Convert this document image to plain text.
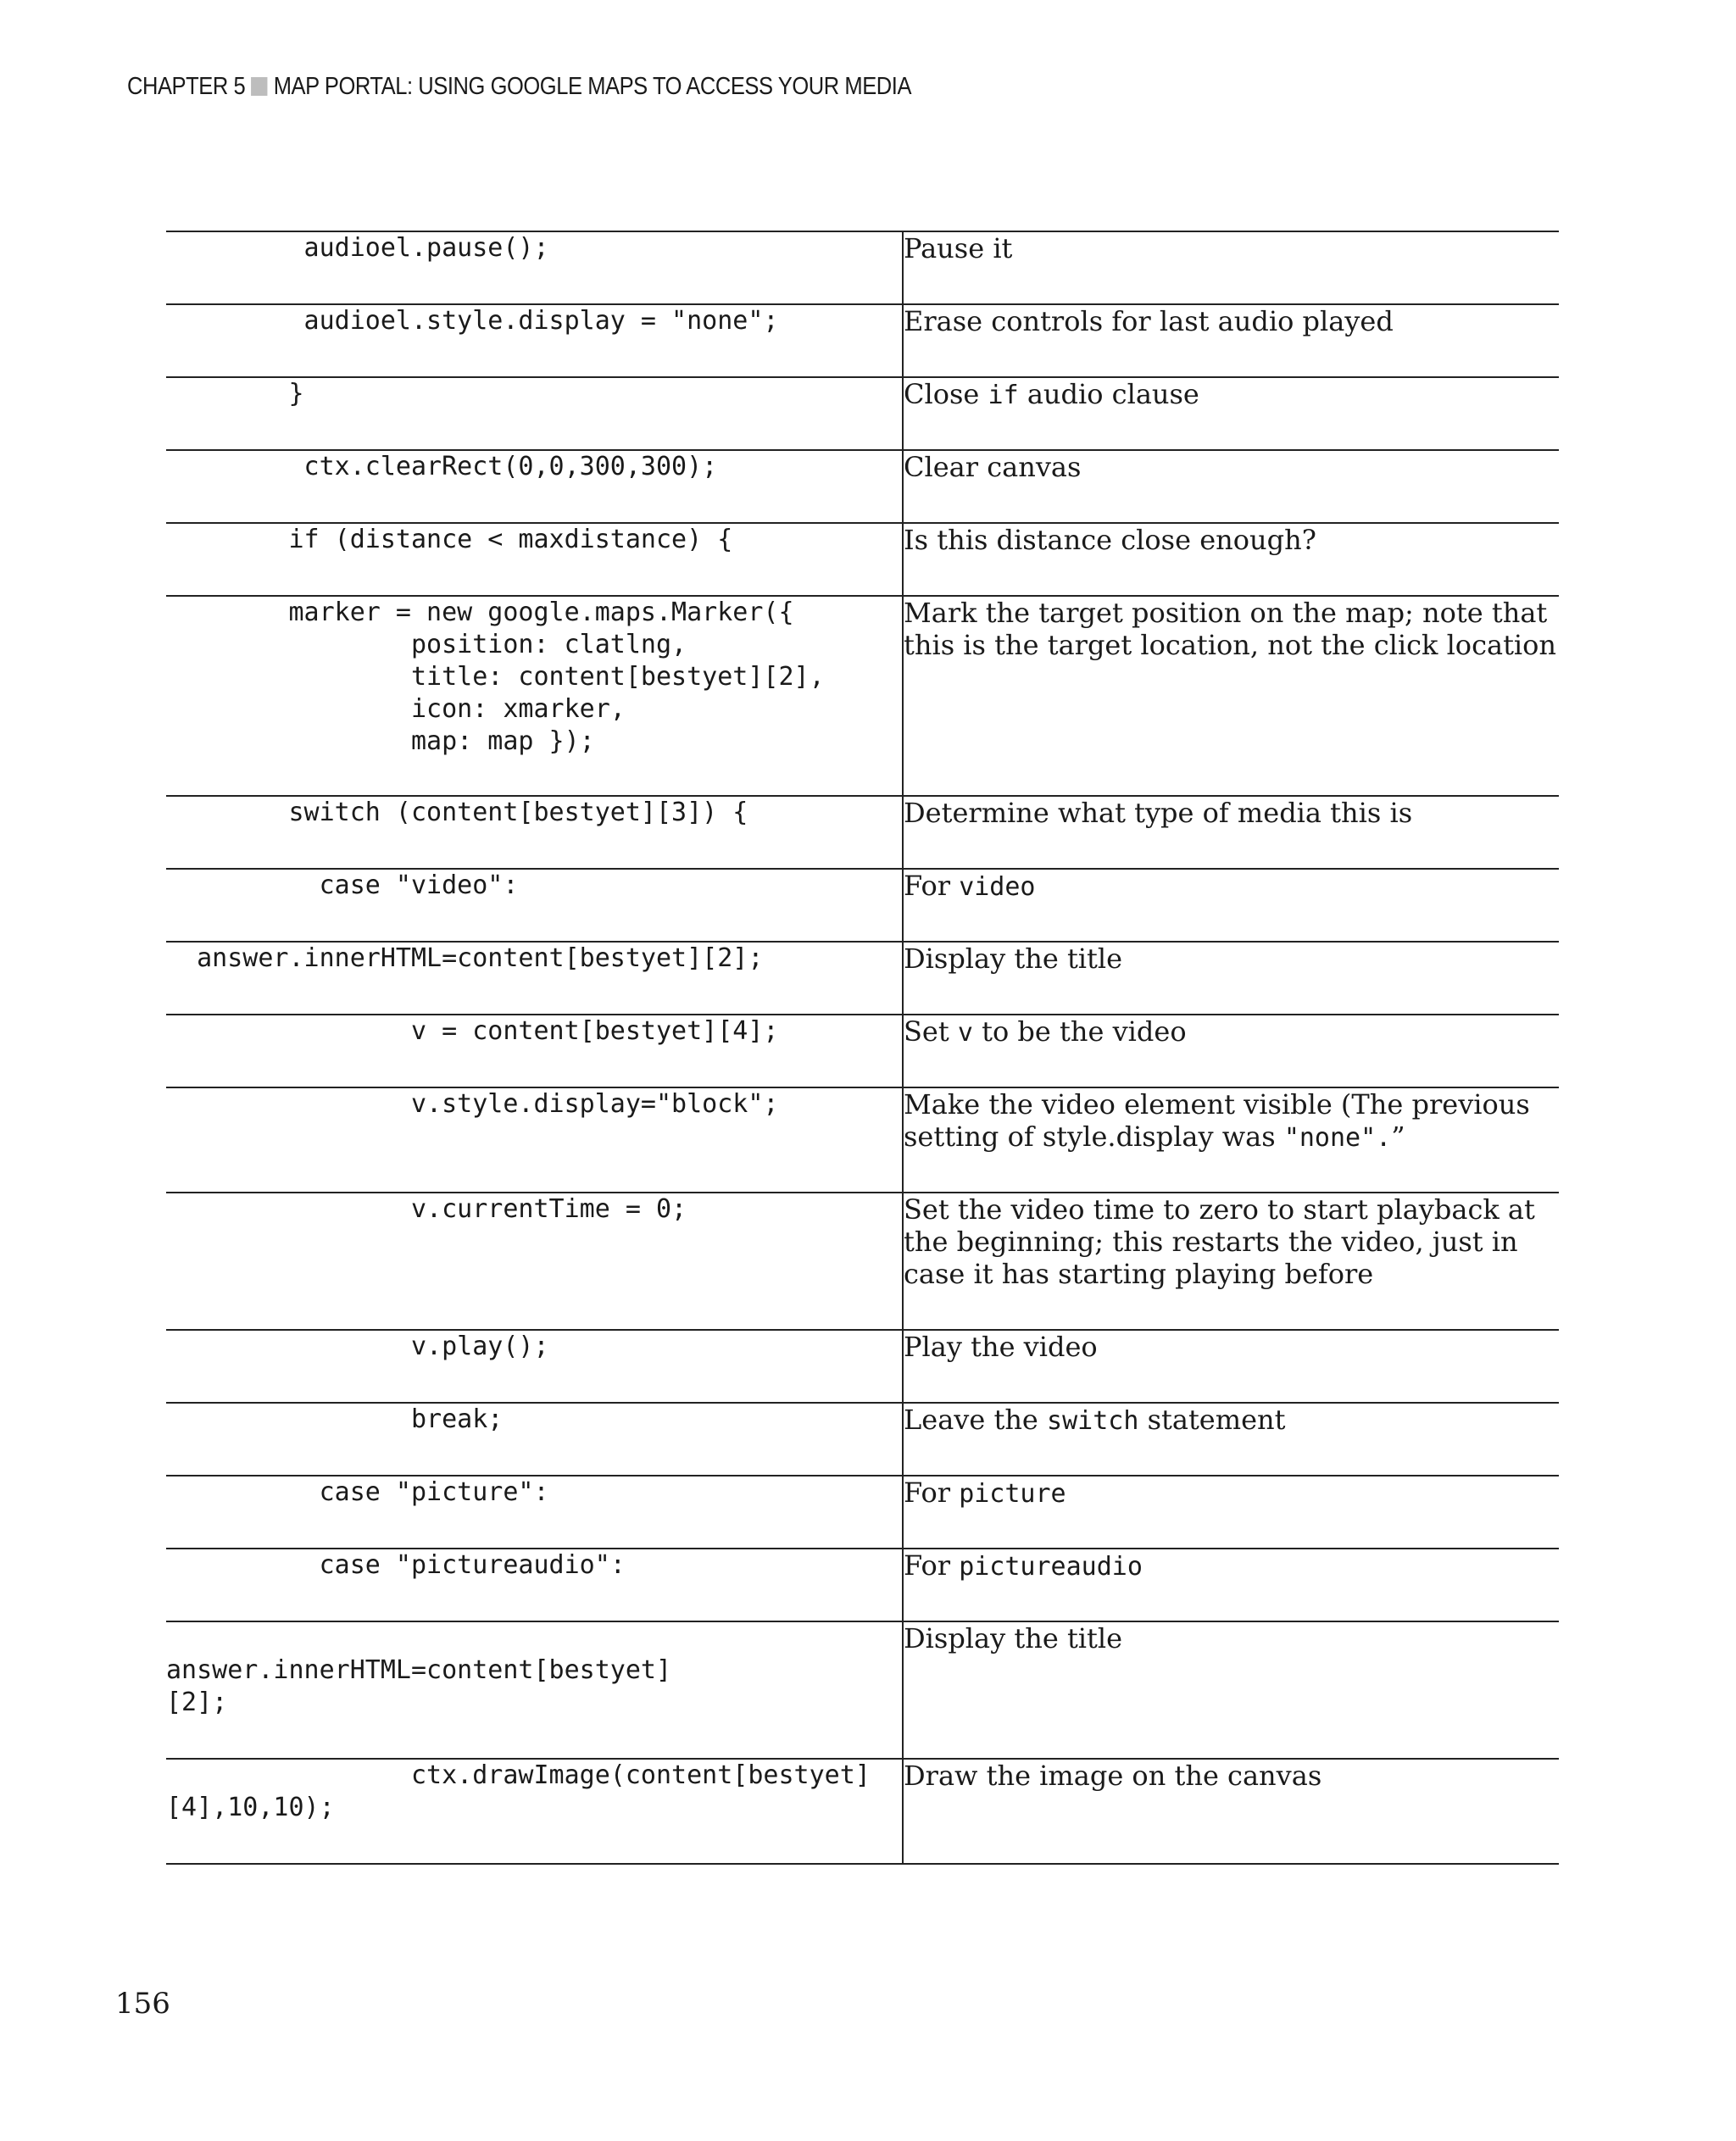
CHAPTER 5 MAP PORTAL: USING GOOGLE MAPS TO ACCESS YOUR MEDIA
audioel.pause();	Pause it
audioel.style.display = "none";	Erase controls for last audio played
}	Close if audio clause
ctx.clearRect(0,0,300,300);	Clear canvas
if (distance < maxdistance) {	Is this distance close enough?
marker = new google.maps.Marker({
position: clatlng,
title: content[bestyet][2],
icon: xmarker,
map: map });	Mark the target position on the map; note that this is the target location, not the click location
switch (content[bestyet][3]) {	Determine what type of media this is
case "video":	For video
answer.innerHTML=content[bestyet][2];	Display the title
v = content[bestyet][4];	Set v to be the video
v.style.display="block";	Make the video element visible (The previous setting of style.display was "none".”
v.currentTime = 0;	Set the video time to zero to start playback at the beginning; this restarts the video, just in case it has starting playing before
v.play();	Play the video
break;	Leave the switch statement
case "picture":	For picture
case "pictureaudio":	For pictureaudio

answer.innerHTML=content[bestyet]
[2];	Display the title
ctx.drawImage(content[bestyet]
[4],10,10);	Draw the image on the canvas
156
